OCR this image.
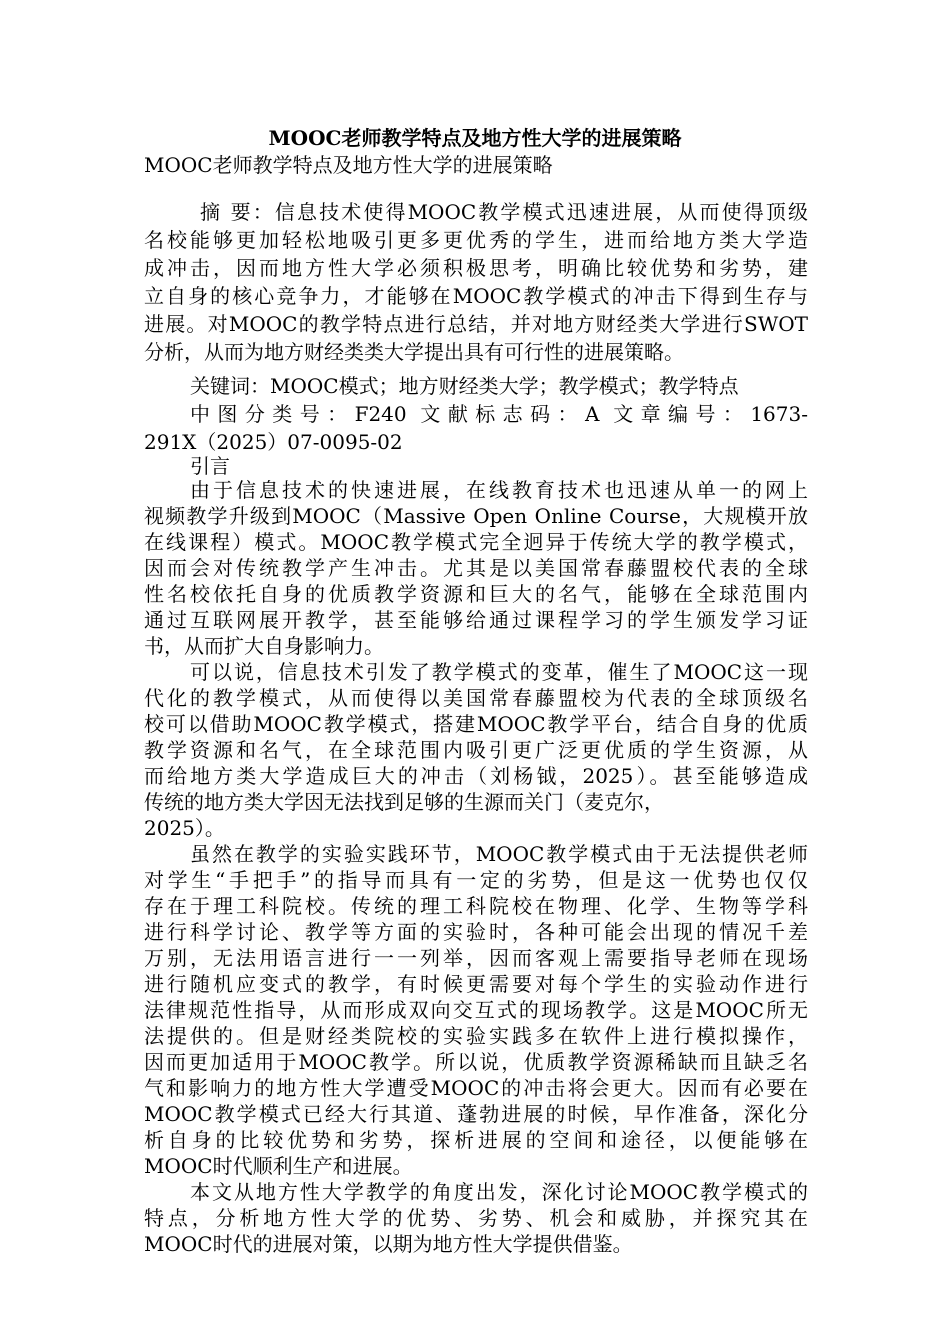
MOOC老师教学特点及地方性大学的进展策略

MOOC老师教学特点及地方性大学的进展策略

摘 要：信息技术使得MOOC教学模式迅速进展，从而使得顶级

名校能够更加轻松地吸引更多更优秀的学生，进而给地方类大学造

成冲击，因而地方性大学必须积极思考，明确比较优势和劣势，建

立自身的核心竞争力，才能够在MOOC教学模式的冲击下得到生存与

进展。对MOOC的教学特点进行总结，并对地方财经类大学进行SWOT

分析，从而为地方财经类类大学提出具有可行性的进展策略。

关键词：MOOC模式；地方财经类大学；教学模式；教学特点

中图分类号：F240 文献标志码：A 文章编号：1673-

291X（2025）07-0095-02

引言

由于信息技术的快速进展，在线教育技术也迅速从单一的网上

视频教学升级到MOOC（Massive Open Online Course，大规模开放

在线课程）模式。MOOC教学模式完全迥异于传统大学的教学模式，

因而会对传统教学产生冲击。尤其是以美国常春藤盟校代表的全球

性名校依托自身的优质教学资源和巨大的名气，能够在全球范围内

通过互联网展开教学，甚至能够给通过课程学习的学生颁发学习证

书，从而扩大自身影响力。

可以说，信息技术引发了教学模式的变革，催生了MOOC这一现

代化的教学模式，从而使得以美国常春藤盟校为代表的全球顶级名

校可以借助MOOC教学模式，搭建MOOC教学平台，结合自身的优质

教学资源和名气，在全球范围内吸引更广泛更优质的学生资源，从

而给地方类大学造成巨大的冲击（刘杨钺，2025）。甚至能够造成

传统的地方类大学因无法找到足够的生源而关门（麦克尔，

2025）。

虽然在教学的实验实践环节，MOOC教学模式由于无法提供老师

对学生“手把手”的指导而具有一定的劣势，但是这一优势也仅仅

存在于理工科院校。传统的理工科院校在物理、化学、生物等学科

进行科学讨论、教学等方面的实验时，各种可能会出现的情况千差

万别，无法用语言进行一一列举，因而客观上需要指导老师在现场

进行随机应变式的教学，有时候更需要对每个学生的实验动作进行

法律规范性指导，从而形成双向交互式的现场教学。这是MOOC所无

法提供的。但是财经类院校的实验实践多在软件上进行模拟操作，

因而更加适用于MOOC教学。所以说，优质教学资源稀缺而且缺乏名

气和影响力的地方性大学遭受MOOC的冲击将会更大。因而有必要在

MOOC教学模式已经大行其道、蓬勃进展的时候，早作准备，深化分

析自身的比较优势和劣势，探析进展的空间和途径，以便能够在

MOOC时代顺利生产和进展。

本文从地方性大学教学的角度出发，深化讨论MOOC教学模式的

特点，分析地方性大学的优势、劣势、机会和威胁，并探究其在

MOOC时代的进展对策，以期为地方性大学提供借鉴。
